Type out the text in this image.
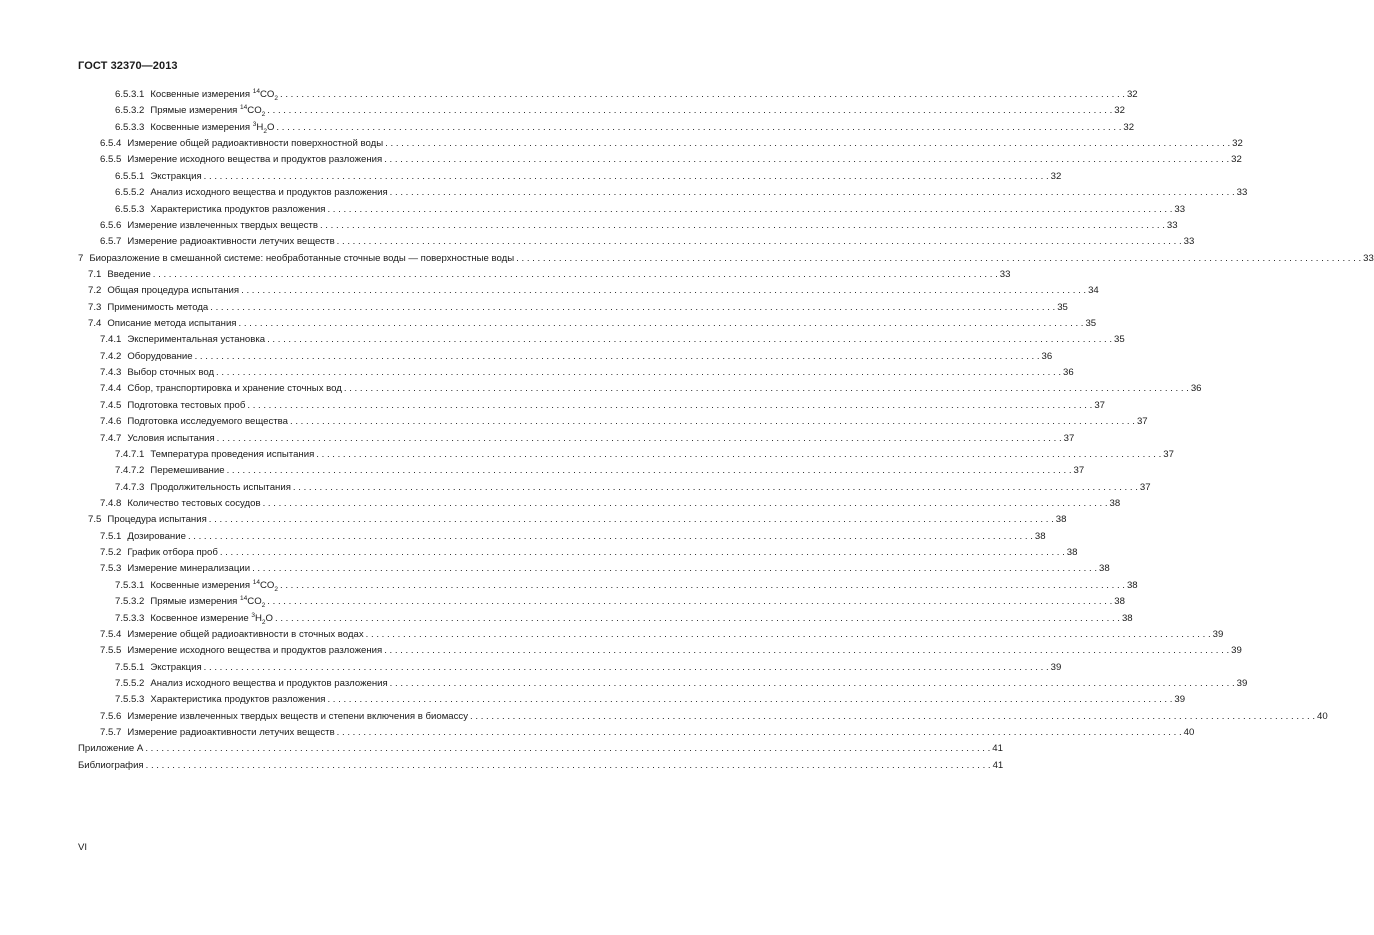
ГОСТ 32370—2013
6.5.3.1 Косвенные измерения $^{14}CO_2$ . . .	32
6.5.3.2 Прямые измерения $^{14}CO_2$ . . .	32
6.5.3.3 Косвенные измерения $^3H_2O$ . . .	32
6.5.4 Измерение общей радиоактивности поверхностной воды . . .	32
6.5.5 Измерение исходного вещества и продуктов разложения . . .	32
6.5.5.1 Экстракция . . .	32
6.5.5.2 Анализ исходного вещества и продуктов разложения . . .	33
6.5.5.3 Характеристика продуктов разложения . . .	33
6.5.6 Измерение извлеченных твердых веществ . . .	33
6.5.7 Измерение радиоактивности летучих веществ . . .	33
7 Биоразложение в смешанной системе: необработанные сточные воды — поверхностные воды . . .	33
7.1 Введение . . .	33
7.2 Общая процедура испытания . . .	34
7.3 Применимость метода . . .	35
7.4 Описание метода испытания . . .	35
7.4.1 Экспериментальная установка . . .	35
7.4.2 Оборудование . . .	36
7.4.3 Выбор сточных вод . . .	36
7.4.4 Сбор, транспортировка и хранение сточных вод . . .	36
7.4.5 Подготовка тестовых проб . . .	37
7.4.6 Подготовка исследуемого вещества . . .	37
7.4.7 Условия испытания . . .	37
7.4.7.1 Температура проведения испытания . . .	37
7.4.7.2 Перемешивание . . .	37
7.4.7.3 Продолжительность испытания . . .	37
7.4.8 Количество тестовых сосудов . . .	38
7.5 Процедура испытания . . .	38
7.5.1 Дозирование . . .	38
7.5.2 График отбора проб . . .	38
7.5.3 Измерение минерализации . . .	38
7.5.3.1 Косвенные измерения $^{14}CO_2$ . . .	38
7.5.3.2 Прямые измерения $^{14}CO_2$ . . .	38
7.5.3.3 Косвенное измерение $^3H_2O$ . . .	38
7.5.4 Измерение общей радиоактивности в сточных водах . . .	39
7.5.5 Измерение исходного вещества и продуктов разложения . . .	39
7.5.5.1 Экстракция . . .	39
7.5.5.2 Анализ исходного вещества и продуктов разложения . . .	39
7.5.5.3 Характеристика продуктов разложения . . .	39
7.5.6 Измерение извлеченных твердых веществ и степени включения в биомассу . . .	40
7.5.7 Измерение радиоактивности летучих веществ . . .	40
Приложение А . . .	41
Библиография . . .	41
VI
